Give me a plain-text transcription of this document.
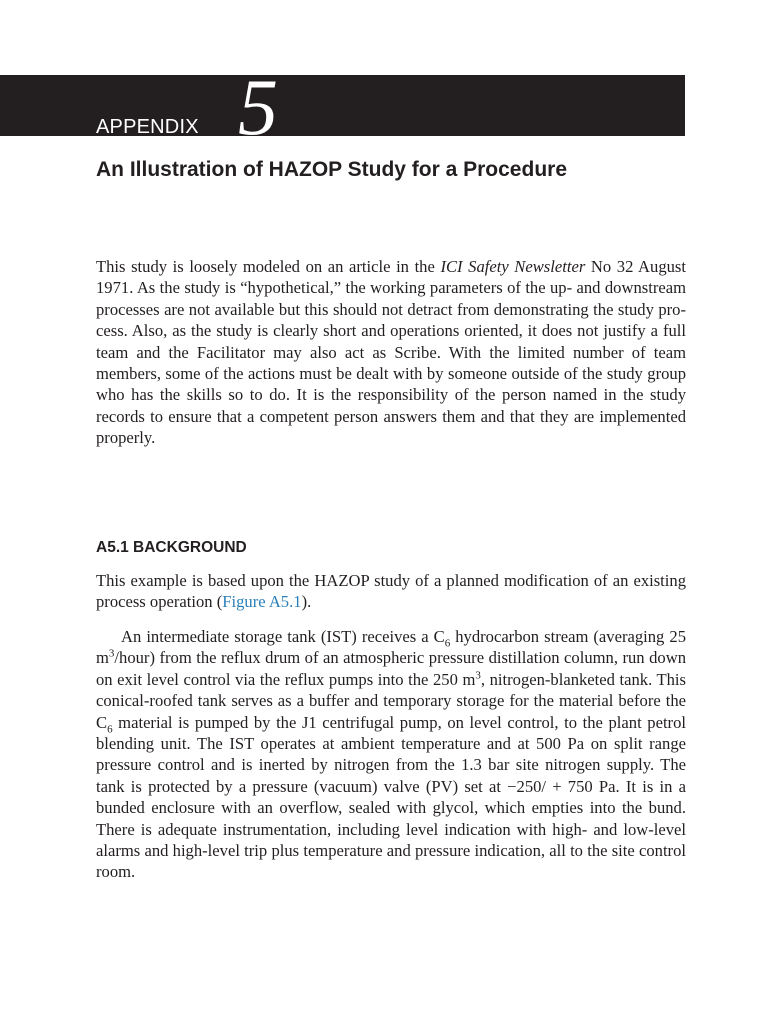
APPENDIX 5
An Illustration of HAZOP Study for a Procedure

This study is loosely modeled on an article in the ICI Safety Newsletter No 32 August 1971. As the study is “hypothetical,” the working parameters of the up- and downstream processes are not available but this should not detract from demonstrating the study process. Also, as the study is clearly short and operations oriented, it does not justify a full team and the Facilitator may also act as Scribe. With the limited number of team members, some of the actions must be dealt with by someone outside of the study group who has the skills so to do. It is the responsibility of the person named in the study records to ensure that a competent person answers them and that they are implemented properly.

A5.1 BACKGROUND

This example is based upon the HAZOP study of a planned modification of an existing process operation (Figure A5.1).

An intermediate storage tank (IST) receives a $C_6$ hydrocarbon stream (averaging 25 $m^3/hour$) from the reflux drum of an atmospheric pressure distillation column, run down on exit level control via the reflux pumps into the 250 $m^3$, nitrogen-blanketed tank. This conical-roofed tank serves as a buffer and temporary storage for the material before the $C_6$ material is pumped by the J1 centrifugal pump, on level control, to the plant petrol blending unit. The IST operates at ambient temperature and at 500 Pa on split range pressure control and is inerted by nitrogen from the 1.3 bar site nitrogen supply. The tank is protected by a pressure (vacuum) valve (PV) set at −250/ + 750 Pa. It is in a bunded enclosure with an overflow, sealed with glycol, which empties into the bund. There is adequate instrumentation, including level indication with high- and low-level alarms and high-level trip plus temperature and pressure indication, all to the site control room.
